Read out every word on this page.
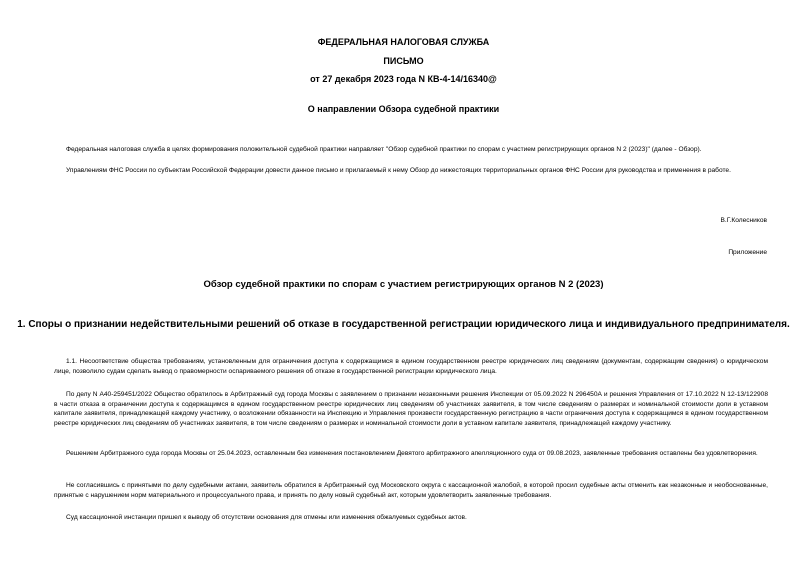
ФЕДЕРАЛЬНАЯ НАЛОГОВАЯ СЛУЖБА
ПИСЬМО
от 27 декабря 2023 года N КВ-4-14/16340@
О направлении Обзора судебной практики
Федеральная налоговая служба в целях формирования положительной судебной практики направляет "Обзор судебной практики по спорам с участием регистрирующих органов N 2 (2023)" (далее - Обзор).
Управлениям ФНС России по субъектам Российской Федерации довести данное письмо и прилагаемый к нему Обзор до нижестоящих территориальных органов ФНС России для руководства и применения в работе.
В.Г.Колесников
Приложение
Обзор судебной практики по спорам с участием регистрирующих органов N 2 (2023)
1. Споры о признании недействительными решений об отказе в государственной регистрации юридического лица и индивидуального предпринимателя.
1.1. Несоответствие общества требованиям, установленным для ограничения доступа к содержащимся в едином государственном реестре юридических лиц сведениям (документам, содержащим сведения) о юридическом лице, позволило судам сделать вывод о правомерности оспариваемого решения об отказе в государственной регистрации юридического лица.
По делу N А40-259451/2022 Общество обратилось в Арбитражный суд города Москвы с заявлением о признании незаконными решения Инспекции от 05.09.2022 N 296450А и решения Управления от 17.10.2022 N 12-13/122908 в части отказа в ограничении доступа к содержащимся в едином государственном реестре юридических лиц сведениям об участниках заявителя, в том числе сведениям о размерах и номинальной стоимости доли в уставном капитале заявителя, принадлежащей каждому участнику, о возложении обязанности на Инспекцию и Управления произвести государственную регистрацию в части ограничения доступа к содержащимся в едином государственном реестре юридических лиц сведениям об участниках заявителя, в том числе сведениям о размерах и номинальной стоимости доли в уставном капитале заявителя, принадлежащей каждому участнику.
Решением Арбитражного суда города Москвы от 25.04.2023, оставленным без изменения постановлением Девятого арбитражного апелляционного суда от 09.08.2023, заявленные требования оставлены без удовлетворения.
Не согласившись с принятыми по делу судебными актами, заявитель обратился в Арбитражный суд Московского округа с кассационной жалобой, в которой просил судебные акты отменить как незаконные и необоснованные, принятые с нарушением норм материального и процессуального права, и принять по делу новый судебный акт, которым удовлетворить заявленные требования.
Суд кассационной инстанции пришел к выводу об отсутствии основания для отмены или изменения обжалуемых судебных актов.
